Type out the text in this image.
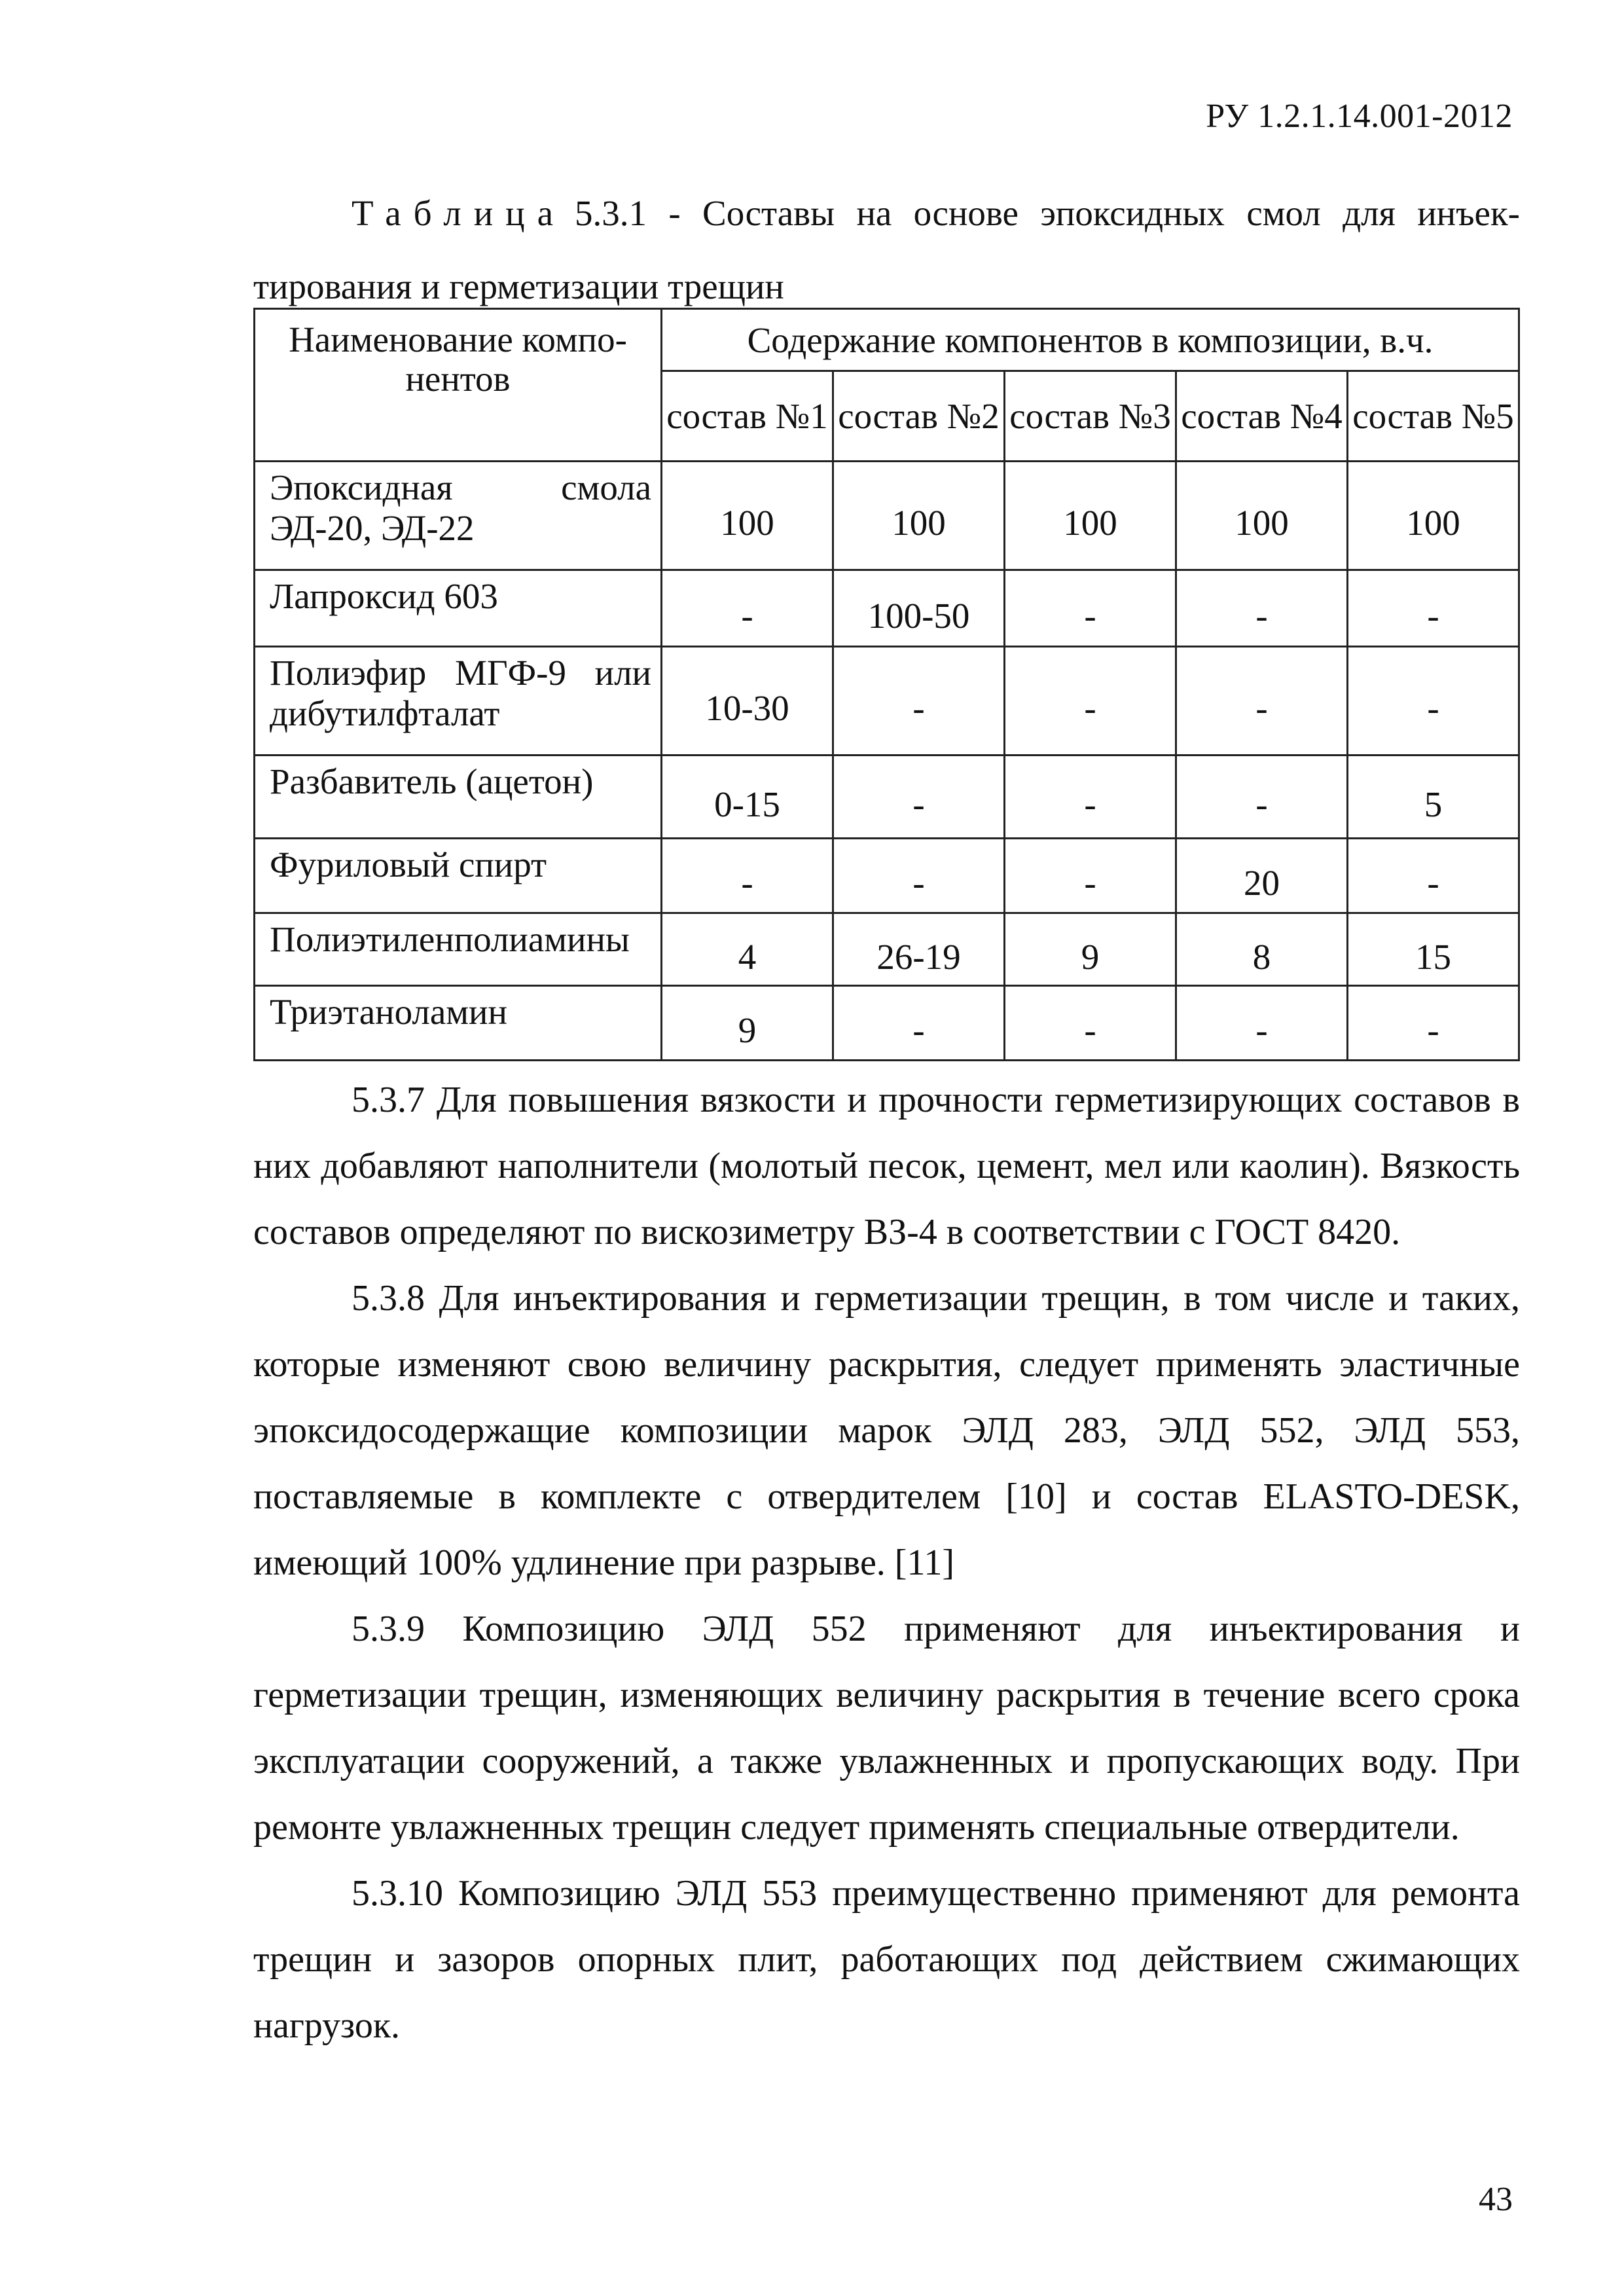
РУ 1.2.1.14.001-2012
Таблица 5.3.1 - Составы на основе эпоксидных смол для инъек-
тирования и герметизации трещин
Наименование компо- нентов	Содержание компонентов в композиции, в.ч.				
	состав №1	состав №2	состав №3	состав №4	состав №5
Эпоксидная смола ЭД-20, ЭД-22	100	100	100	100	100
Лапроксид 603	-	100-50	-	-	-
Полиэфир МГФ-9 или дибутилфталат	10-30	-	-	-	-
Разбавитель (ацетон)	0-15	-	-	-	5
Фуриловый спирт	-	-	-	20	-
Полиэтиленполиамины	4	26-19	9	8	15
Триэтаноламин	9	-	-	-	-

5.3.7 Для повышения вязкости и прочности герметизирующих составов в них добавляют наполнители (молотый песок, цемент, мел или каолин). Вязкость составов определяют по вискозиметру ВЗ-4 в соответствии с ГОСТ 8420.

5.3.8 Для инъектирования и герметизации трещин, в том числе и таких, которые изменяют свою величину раскрытия, следует применять эластичные эпоксидосодержащие композиции марок ЭЛД 283, ЭЛД 552, ЭЛД 553, поставляемые в комплекте с отвердителем [10] и состав ELASTO-DESK, имеющий 100% удлинение при разрыве. [11]

5.3.9 Композицию ЭЛД 552 применяют для инъектирования и герметизации трещин, изменяющих величину раскрытия в течение всего срока эксплуатации сооружений, а также увлажненных и пропускающих воду. При ремонте увлажненных трещин следует применять специальные отвердители.

5.3.10 Композицию ЭЛД 553 преимущественно применяют для ремонта трещин и зазоров опорных плит, работающих под действием сжимающих нагрузок.

43
